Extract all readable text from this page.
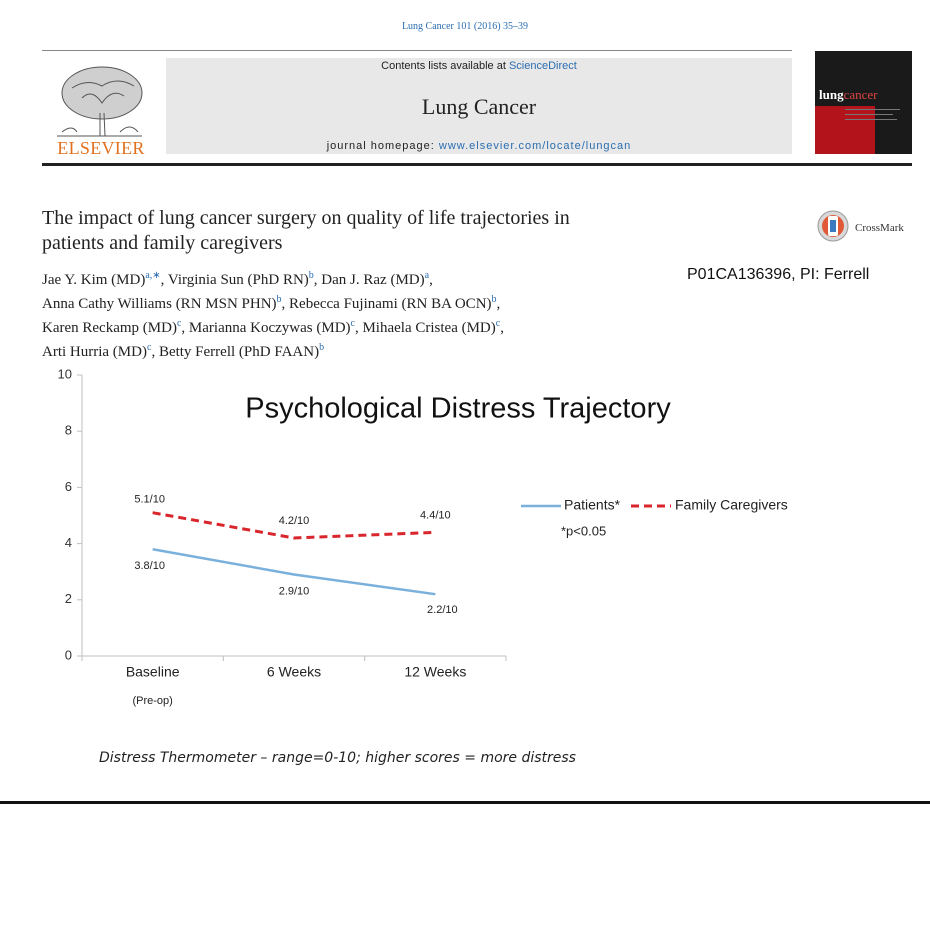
Lung Cancer 101 (2016) 35–39
ELSEVIER
Contents lists available at ScienceDirect
Lung Cancer
journal homepage: www.elsevier.com/locate/lungcan
lungcancer
The impact of lung cancer surgery on quality of life trajectories in
patients and family caregivers
CrossMark
Jae Y. Kim (MD)$^{a,∗}$, Virginia Sun (PhD RN)$^b$, Dan J. Raz (MD)$^a$,
Anna Cathy Williams (RN MSN PHN)$^b$, Rebecca Fujinami (RN BA OCN)$^b$,
Karen Reckamp (MD)$^c$, Marianna Koczywas (MD)$^c$, Mihaela Cristea (MD)$^c$,
Arti Hurria (MD)$^c$, Betty Ferrell (PhD FAAN)$^b$
P01CA136396, PI: Ferrell
Psychological Distress Trajectory
0
2
4
6
8
10
Baseline
(Pre-op)
6 Weeks	12 Weeks
3.8/10
2.9/10
2.2/10
5.1/10
4.2/10	4.4/10
Patients*	Family Caregivers
*p<0.05
Distress Thermometer – range=0-10; higher scores = more distress
